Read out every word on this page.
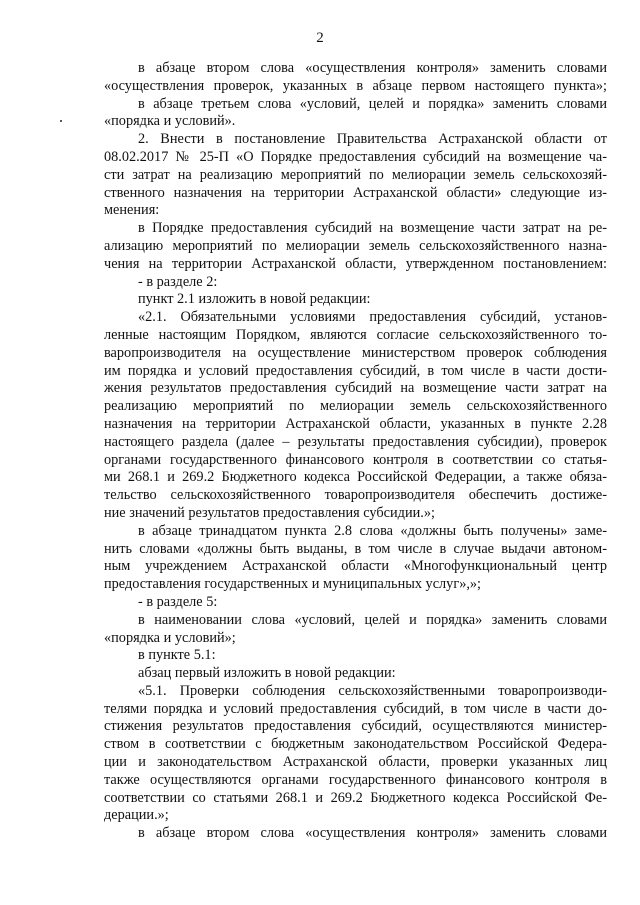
2
в абзаце втором слова «осуществления контроля» заменить словами
«осуществления проверок, указанных в абзаце первом настоящего пункта»;
в абзаце третьем слова «условий, целей и порядка» заменить словами
«порядка и условий».
2. Внести в постановление Правительства Астраханской области от
08.02.2017 № 25-П «О Порядке предоставления субсидий на возмещение ча-
сти затрат на реализацию мероприятий по мелиорации земель сельскохозяй-
ственного назначения на территории Астраханской области» следующие из-
менения:
в Порядке предоставления субсидий на возмещение части затрат на ре-
ализацию мероприятий по мелиорации земель сельскохозяйственного назна-
чения на территории Астраханской области, утвержденном постановлением:
- в разделе 2:
пункт 2.1 изложить в новой редакции:
«2.1. Обязательными условиями предоставления субсидий, установ-
ленные настоящим Порядком, являются согласие сельскохозяйственного то-
варопроизводителя на осуществление министерством проверок соблюдения
им порядка и условий предоставления субсидий, в том числе в части дости-
жения результатов предоставления субсидий на возмещение части затрат на
реализацию мероприятий по мелиорации земель сельскохозяйственного
назначения на территории Астраханской области, указанных в пункте 2.28
настоящего раздела (далее – результаты предоставления субсидии), проверок
органами государственного финансового контроля в соответствии со статья-
ми 268.1 и 269.2 Бюджетного кодекса Российской Федерации, а также обяза-
тельство сельскохозяйственного товаропроизводителя обеспечить достиже-
ние значений результатов предоставления субсидии.»;
в абзаце тринадцатом пункта 2.8 слова «должны быть получены» заме-
нить словами «должны быть выданы, в том числе в случае выдачи автоном-
ным учреждением Астраханской области «Многофункциональный центр
предоставления государственных и муниципальных услуг»,»;
- в разделе 5:
в наименовании слова «условий, целей и порядка» заменить словами
«порядка и условий»;
в пункте 5.1:
абзац первый изложить в новой редакции:
«5.1. Проверки соблюдения сельскохозяйственными товаропроизводи-
телями порядка и условий предоставления субсидий, в том числе в части до-
стижения результатов предоставления субсидий, осуществляются министер-
ством в соответствии с бюджетным законодательством Российской Федера-
ции и законодательством Астраханской области, проверки указанных лиц
также осуществляются органами государственного финансового контроля в
соответствии со статьями 268.1 и 269.2 Бюджетного кодекса Российской Фе-
дерации.»;
в абзаце втором слова «осуществления контроля» заменить словами
